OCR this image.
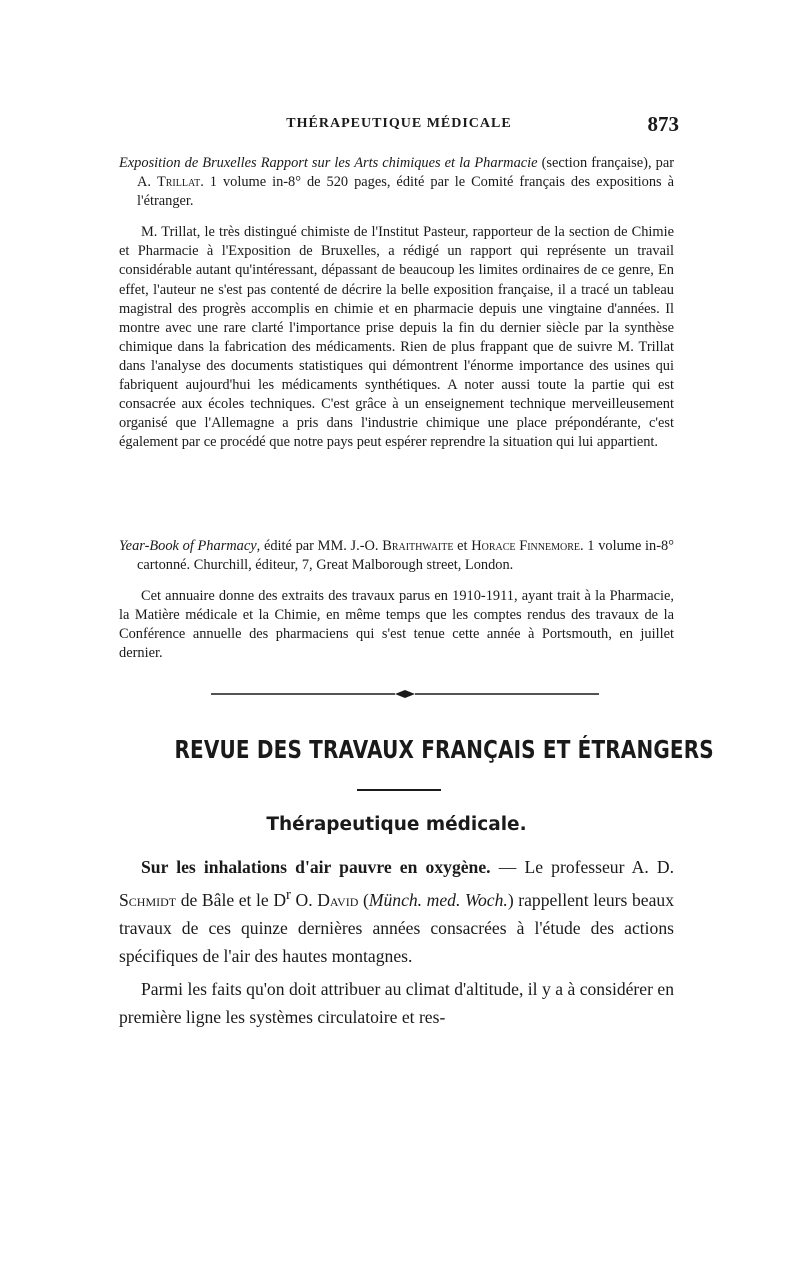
THÉRAPEUTIQUE MÉDICALE	873

Exposition de Bruxelles Rapport sur les Arts chimiques et la Pharmacie (section française), par A. Trillat. 1 volume in-8° de 520 pages, édité par le Comité français des expositions à l'étranger.

M. Trillat, le très distingué chimiste de l'Institut Pasteur, rapporteur de la section de Chimie et Pharmacie à l'Exposition de Bruxelles, a rédigé un rapport qui représente un travail considérable autant qu'intéressant, dépassant de beaucoup les limites ordinaires de ce genre, En effet, l'auteur ne s'est pas contenté de décrire la belle exposition française, il a tracé un tableau magistral des progrès accomplis en chimie et en pharmacie depuis une vingtaine d'années. Il montre avec une rare clarté l'importance prise depuis la fin du dernier siècle par la synthèse chimique dans la fabrication des médicaments. Rien de plus frappant que de suivre M. Trillat dans l'analyse des documents statistiques qui démontrent l'énorme importance des usines qui fabriquent aujourd'hui les médicaments synthétiques. A noter aussi toute la partie qui est consacrée aux écoles techniques. C'est grâce à un enseignement technique merveilleusement organisé que l'Allemagne a pris dans l'industrie chimique une place prépondérante, c'est également par ce procédé que notre pays peut espérer reprendre la situation qui lui appartient.

Year-Book of Pharmacy, édité par MM. J.-O. Braithwaite et Horace Finnemore. 1 volume in-8° cartonné. Churchill, éditeur, 7, Great Malborough street, London.

Cet annuaire donne des extraits des travaux parus en 1910-1911, ayant trait à la Pharmacie, la Matière médicale et la Chimie, en même temps que les comptes rendus des travaux de la Conférence annuelle des pharmaciens qui s'est tenue cette année à Portsmouth, en juillet dernier.

REVUE DES TRAVAUX FRANÇAIS ET ÉTRANGERS
Thérapeutique médicale.

Sur les inhalations d'air pauvre en oxygène. — Le professeur A. D. Schmidt de Bâle et le $D^r$ O. David (Münch. med. Woch.) rappellent leurs beaux travaux de ces quinze dernières années consacrées à l'étude des actions spécifiques de l'air des hautes montagnes.

Parmi les faits qu'on doit attribuer au climat d'altitude, il y a à considérer en première ligne les systèmes circulatoire et res-
